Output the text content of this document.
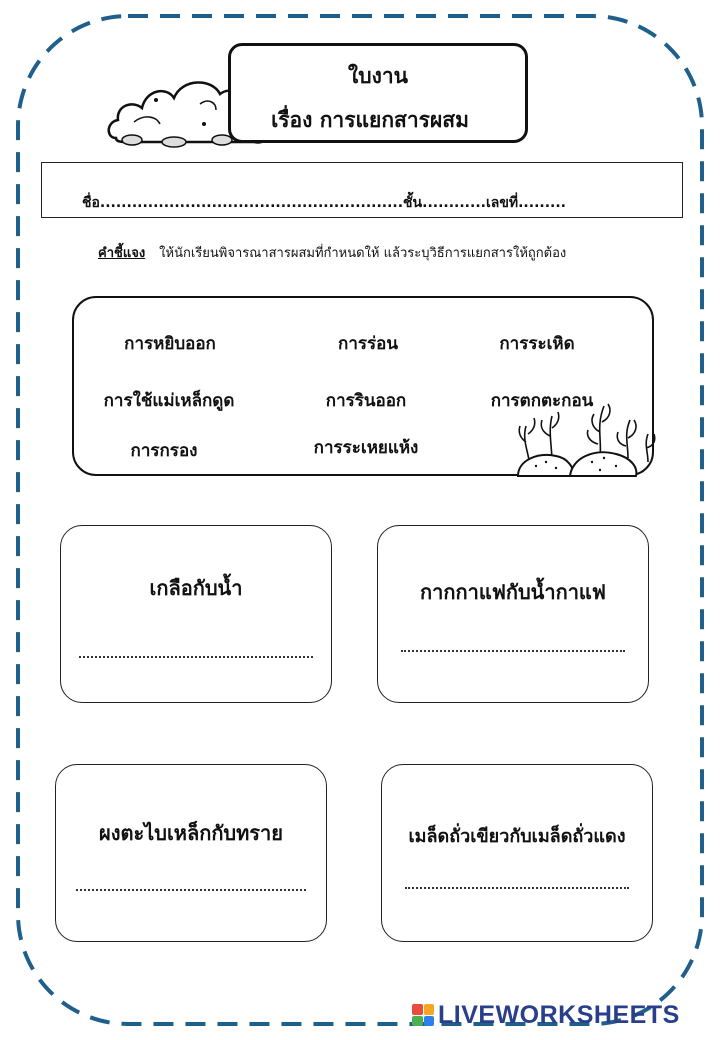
ใบงาน
เรื่อง การแยกสารผสม
ชื่อ.........................................................ชั้น............เลขที่.........
คำชี้แจง ให้นักเรียนพิจารณาสารผสมที่กำหนดให้ แล้วระบุวิธีการแยกสารให้ถูกต้อง
การหยิบออก	การร่อน	การระเหิด
การใช้แม่เหล็กดูด	การรินออก	การตกตะกอน
การกรอง	การระเหยแห้ง
เกลือกับน้ำ	กากกาแฟกับน้ำกาแฟ
ผงตะไบเหล็กกับทราย	เมล็ดถั่วเขียวกับเมล็ดถั่วแดง
LIVEWORKSHEETS
